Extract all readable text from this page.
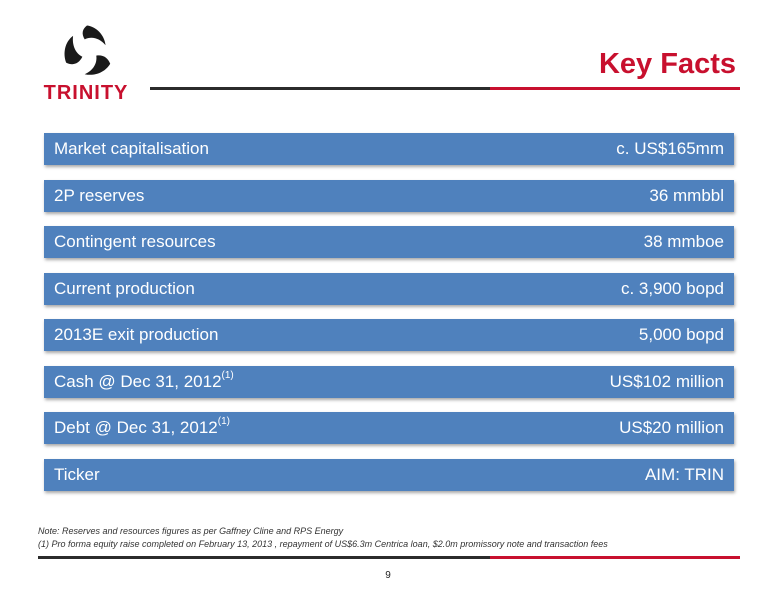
TRINITY
Key Facts
Market capitalisation	c. US$165mm
2P reserves	36 mmbbl
Contingent resources	38 mmboe
Current production	c. 3,900 bopd
2013E exit production	5,000 bopd
Cash @ Dec 31, 2012$^{(1)}$	US$102 million
Debt @ Dec 31, 2012$^{(1)}$	US$20 million
Ticker	AIM: TRIN
Note: Reserves and resources figures as per Gaffney Cline and RPS Energy
(1) Pro forma equity raise completed on February 13, 2013 , repayment of US$6.3m Centrica loan, $2.0m promissory note and transaction fees
9
